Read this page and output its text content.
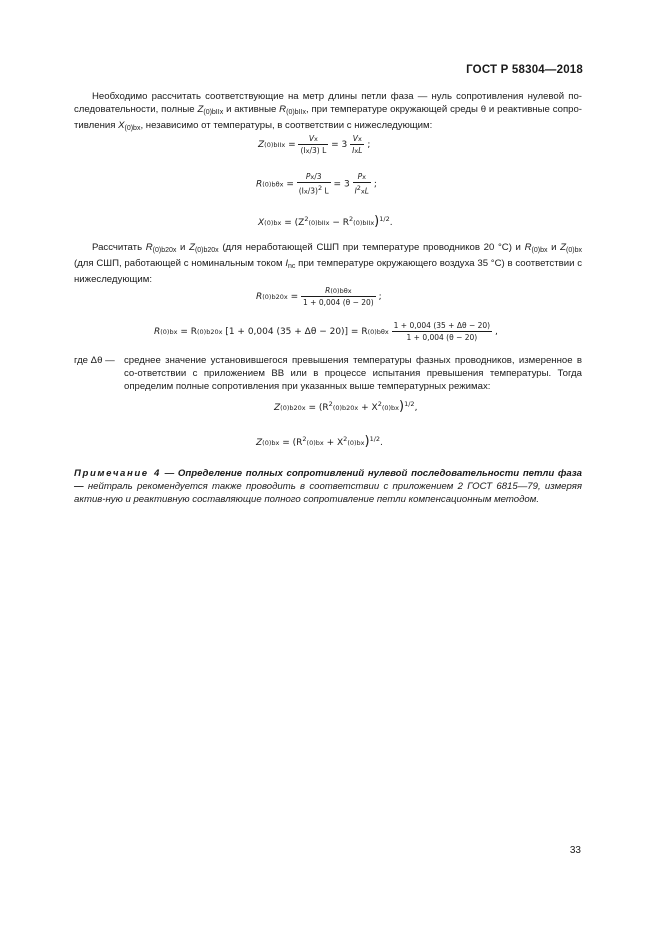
ГОСТ Р 58304—2018
Необходимо рассчитать соответствующие на метр длины петли фаза — нуль сопротивления нулевой по-следовательности, полные $Z_{(0)bIIx}$ и активные $R_{(0)bIIx}$, при температуре окружающей среды θ и реактивные сопро-тивления $X_{(0)bx}$, независимо от температуры, в соответствии с нижеследующим:
Z(0)bIIx = $\frac{Vx}{(Ix/3) L} = 3 \frac{Vx}{\text{IxL}}$ ;
$R(0)b\theta x = \frac{Px/3}{(Ix/3)^2 L} = 3 \frac{Px}{I^2xL}$ ;
$X(0)bx = (Z^2(0)bIIx$ − $R^2(0)bIIx)^{1/2}$.
Рассчитать $R_{(0)b20x}$ и $Z_{(0)b20x}$ (для неработающей СШП при температуре проводников 20 °С) и $R_{(0)bx}$ и $Z_{(0)bx}$ (для СШП, работающей с номинальным током $I_{nc}$ при температуре окружающего воздуха 35 °С) в соответствии с нижеследующим:
$R(0)b20x = \frac{\text{R(0)bθx}}{1 + 0,004 (\theta - 20)}$ ;
R(0)bx = R(0)b20x [1 + 0,004 $(35 + \Delta\theta - 20)] = R(0)b\theta x \frac{1 + 0,004 (35 + \Delta\theta - 20)}{1 + 0,004 (\theta - 20)}$ ,
где Δθ — среднее значение установившегося превышения температуры фазных проводников, измеренное в со-ответствии с приложением ВВ или в процессе испытания превышения температуры. Тогда определим полные сопротивления при указанных выше температурных режимах:
$Z(0)b20x = (R^2(0)b20x + X^2(0)bx)^{1/2}$,
$Z(0)bx = (R^2(0)bx + X^2(0)bx)^{1/2}$.
Примечание 4 — Определение полных сопротивлений нулевой последовательности петли фаза — нейтраль рекомендуется также проводить в соответствии с приложением 2 ГОСТ 6815—79, измеряя актив-ную и реактивную составляющие полного сопротивление петли компенсационным методом.
33
